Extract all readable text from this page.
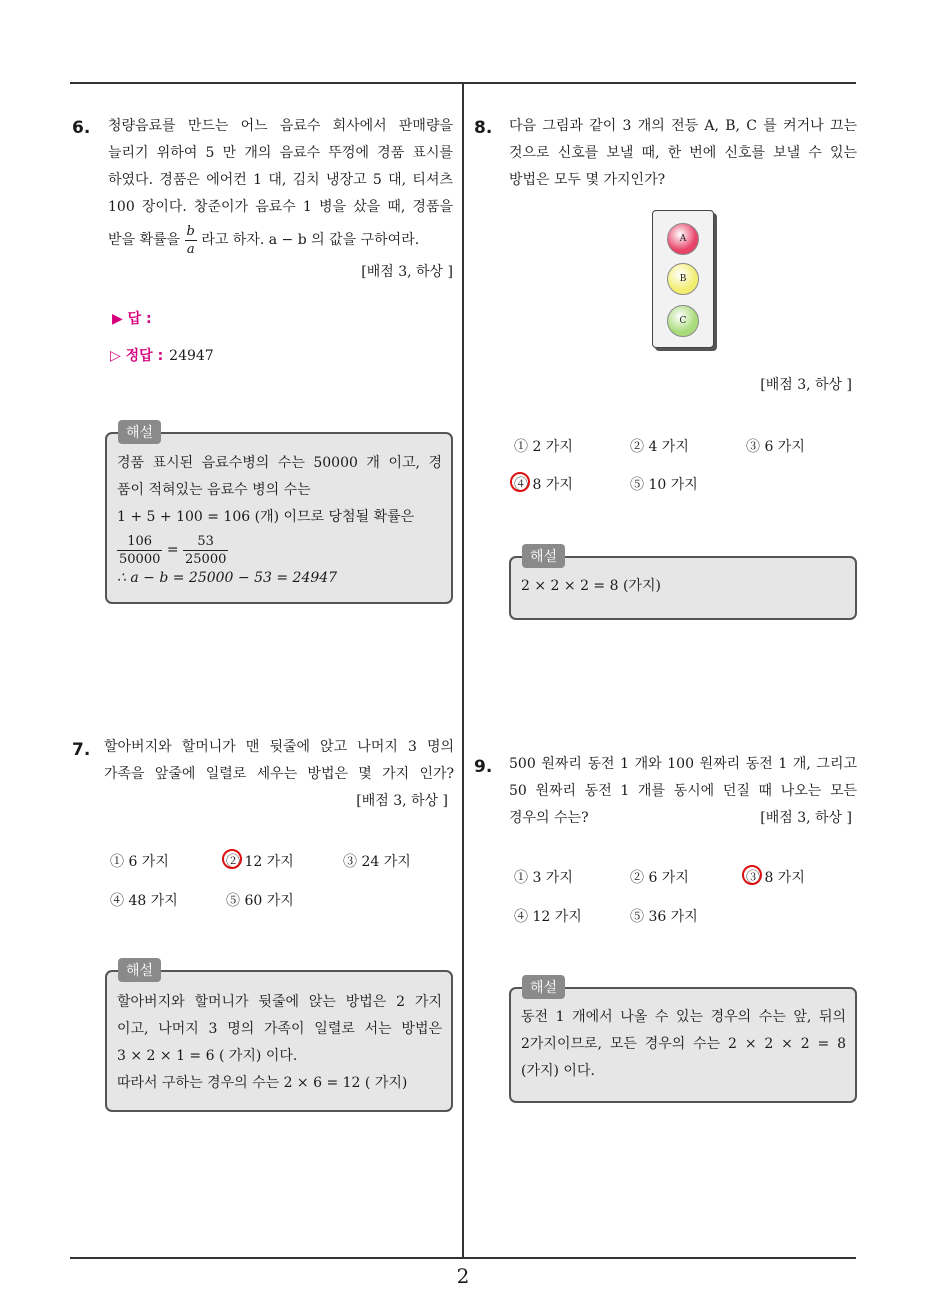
6. 청량음료를 만드는 어느 음료수 회사에서 판매량을

늘리기 위하여 5 만 개의 음료수 뚜껑에 경품 표시를

하였다. 경품은 에어컨 1 대, 김치 냉장고 5 대, 티셔츠

100 장이다. 창준이가 음료수 1 병을 샀을 때, 경품을

받을 확률을 $\frac{b}{a}$ 라고 하자. a − b 의 값을 구하여라.

[배점 3, 하상 ]

▶ 답 :
▷ 정답 : 24947
해설

경품 표시된 음료수병의 수는 50000 개 이고, 경

품이 적혀있는 음료수 병의 수는

1 + 5 + 100 = 106 (개) 이므로 당첨될 확률은

$\frac{106}{50000} = \frac{53}{25000}$

∴ a − b = 25000 − 53 = 24947

7. 할아버지와 할머니가 맨 뒷줄에 앉고 나머지 3 명의

가족을 앞줄에 일렬로 세우는 방법은 몇 가지 인가?

[배점 3, 하상 ]

① 6 가지	② 12 가지	③ 24 가지
④ 48 가지	⑤ 60 가지
해설

할아버지와 할머니가 뒷줄에 앉는 방법은 2 가지

이고, 나머지 3 명의 가족이 일렬로 서는 방법은

3 × 2 × 1 = 6 ( 가지) 이다.

따라서 구하는 경우의 수는 2 × 6 = 12 ( 가지)

8. 다음 그림과 같이 3 개의 전등 A, B, C 를 켜거나 끄는

것으로 신호를 보낼 때, 한 번에 신호를 보낼 수 있는

방법은 모두 몇 가지인가?

A
B
C
[배점 3, 하상 ]
① 2 가지	② 4 가지	③ 6 가지
④ 8 가지	⑤ 10 가지
해설

2 × 2 × 2 = 8 (가지)

9. 500 원짜리 동전 1 개와 100 원짜리 동전 1 개, 그리고

50 원짜리 동전 1 개를 동시에 던질 때 나오는 모든

경우의 수는?	[배점 3, 하상 ]

① 3 가지	② 6 가지	③ 8 가지
④ 12 가지	⑤ 36 가지
해설

동전 1 개에서 나올 수 있는 경우의 수는 앞, 뒤의

2가지이므로, 모든 경우의 수는 2 × 2 × 2 = 8

(가지) 이다.

2
